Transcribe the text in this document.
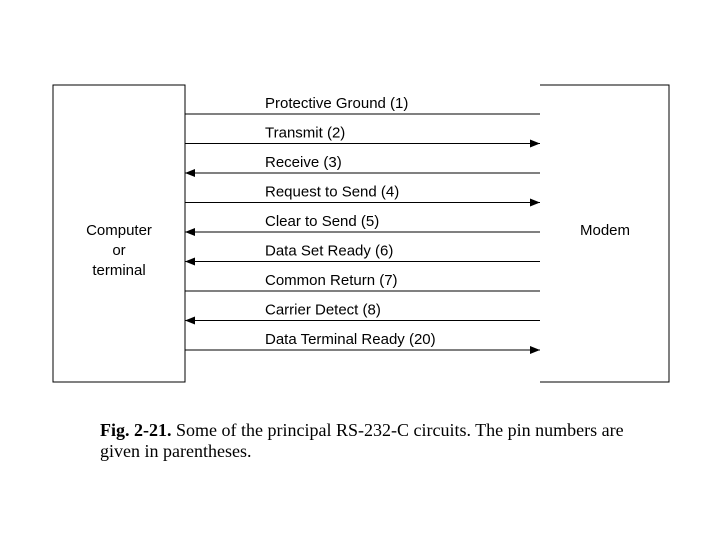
Computer
or
terminal
Modem
Protective Ground (1)
Transmit (2)
Receive (3)
Request to Send (4)
Clear to Send (5)
Data Set Ready (6)
Common Return (7)
Carrier Detect (8)
Data Terminal Ready (20)
Fig. 2-21. Some of the principal RS-232-C circuits. The pin numbers are given in parentheses.
